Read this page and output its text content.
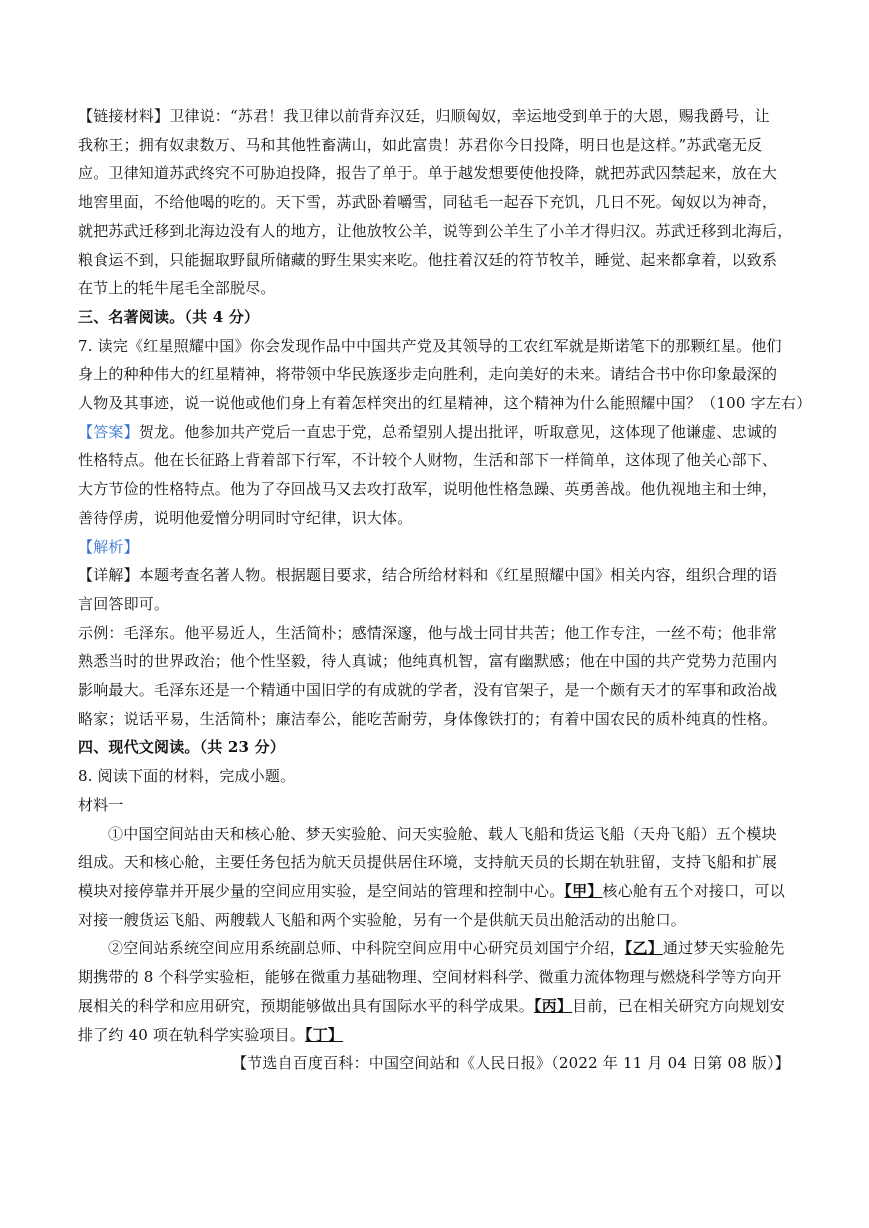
【链接材料】卫律说：“苏君！我卫律以前背弃汉廷，归顺匈奴，幸运地受到单于的大恩，赐我爵号，让
我称王；拥有奴隶数万、马和其他牲畜满山，如此富贵！苏君你今日投降，明日也是这样。”苏武毫无反
应。卫律知道苏武终究不可胁迫投降，报告了单于。单于越发想要使他投降，就把苏武囚禁起来，放在大
地窖里面，不给他喝的吃的。天下雪，苏武卧着嚼雪，同毡毛一起吞下充饥，几日不死。匈奴以为神奇，
就把苏武迁移到北海边没有人的地方，让他放牧公羊，说等到公羊生了小羊才得归汉。苏武迁移到北海后，
粮食运不到，只能掘取野鼠所储藏的野生果实来吃。他拄着汉廷的符节牧羊，睡觉、起来都拿着，以致系
在节上的牦牛尾毛全部脱尽。
三、名著阅读。（共 4 分）
7. 读完《红星照耀中国》你会发现作品中中国共产党及其领导的工农红军就是斯诺笔下的那颗红星。他们
身上的种种伟大的红星精神，将带领中华民族逐步走向胜利，走向美好的未来。请结合书中你印象最深的
人物及其事迹，说一说他或他们身上有着怎样突出的红星精神，这个精神为什么能照耀中国？（100 字左右）
【答案】贺龙。他参加共产党后一直忠于党，总希望别人提出批评，听取意见，这体现了他谦虚、忠诚的
性格特点。他在长征路上背着部下行军，不计较个人财物，生活和部下一样简单，这体现了他关心部下、
大方节俭的性格特点。他为了夺回战马又去攻打敌军，说明他性格急躁、英勇善战。他仇视地主和士绅，
善待俘虏，说明他爱憎分明同时守纪律，识大体。
【解析】
【详解】本题考查名著人物。根据题目要求，结合所给材料和《红星照耀中国》相关内容，组织合理的语
言回答即可。
示例：毛泽东。他平易近人，生活简朴；感情深邃，他与战士同甘共苦；他工作专注，一丝不苟；他非常
熟悉当时的世界政治；他个性坚毅，待人真诚；他纯真机智，富有幽默感；他在中国的共产党势力范围内
影响最大。毛泽东还是一个精通中国旧学的有成就的学者，没有官架子，是一个颇有天才的军事和政治战
略家；说话平易，生活简朴；廉洁奉公，能吃苦耐劳，身体像铁打的；有着中国农民的质朴纯真的性格。
四、现代文阅读。（共 23 分）
8. 阅读下面的材料，完成小题。
材料一
①中国空间站由天和核心舱、梦天实验舱、问天实验舱、载人飞船和货运飞船（天舟飞船）五个模块
组成。天和核心舱，主要任务包括为航天员提供居住环境，支持航天员的长期在轨驻留，支持飞船和扩展
模块对接停靠并开展少量的空间应用实验，是空间站的管理和控制中心。【甲】核心舱有五个对接口，可以
对接一艘货运飞船、两艘载人飞船和两个实验舱，另有一个是供航天员出舱活动的出舱口。
②空间站系统空间应用系统副总师、中科院空间应用中心研究员刘国宁介绍，【乙】通过梦天实验舱先
期携带的 8 个科学实验柜，能够在微重力基础物理、空间材料科学、微重力流体物理与燃烧科学等方向开
展相关的科学和应用研究，预期能够做出具有国际水平的科学成果。【丙】目前，已在相关研究方向规划安
排了约 40 项在轨科学实验项目。【丁】
【节选自百度百科：中国空间站和《人民日报》（2022 年 11 月 04 日第 08 版）】
